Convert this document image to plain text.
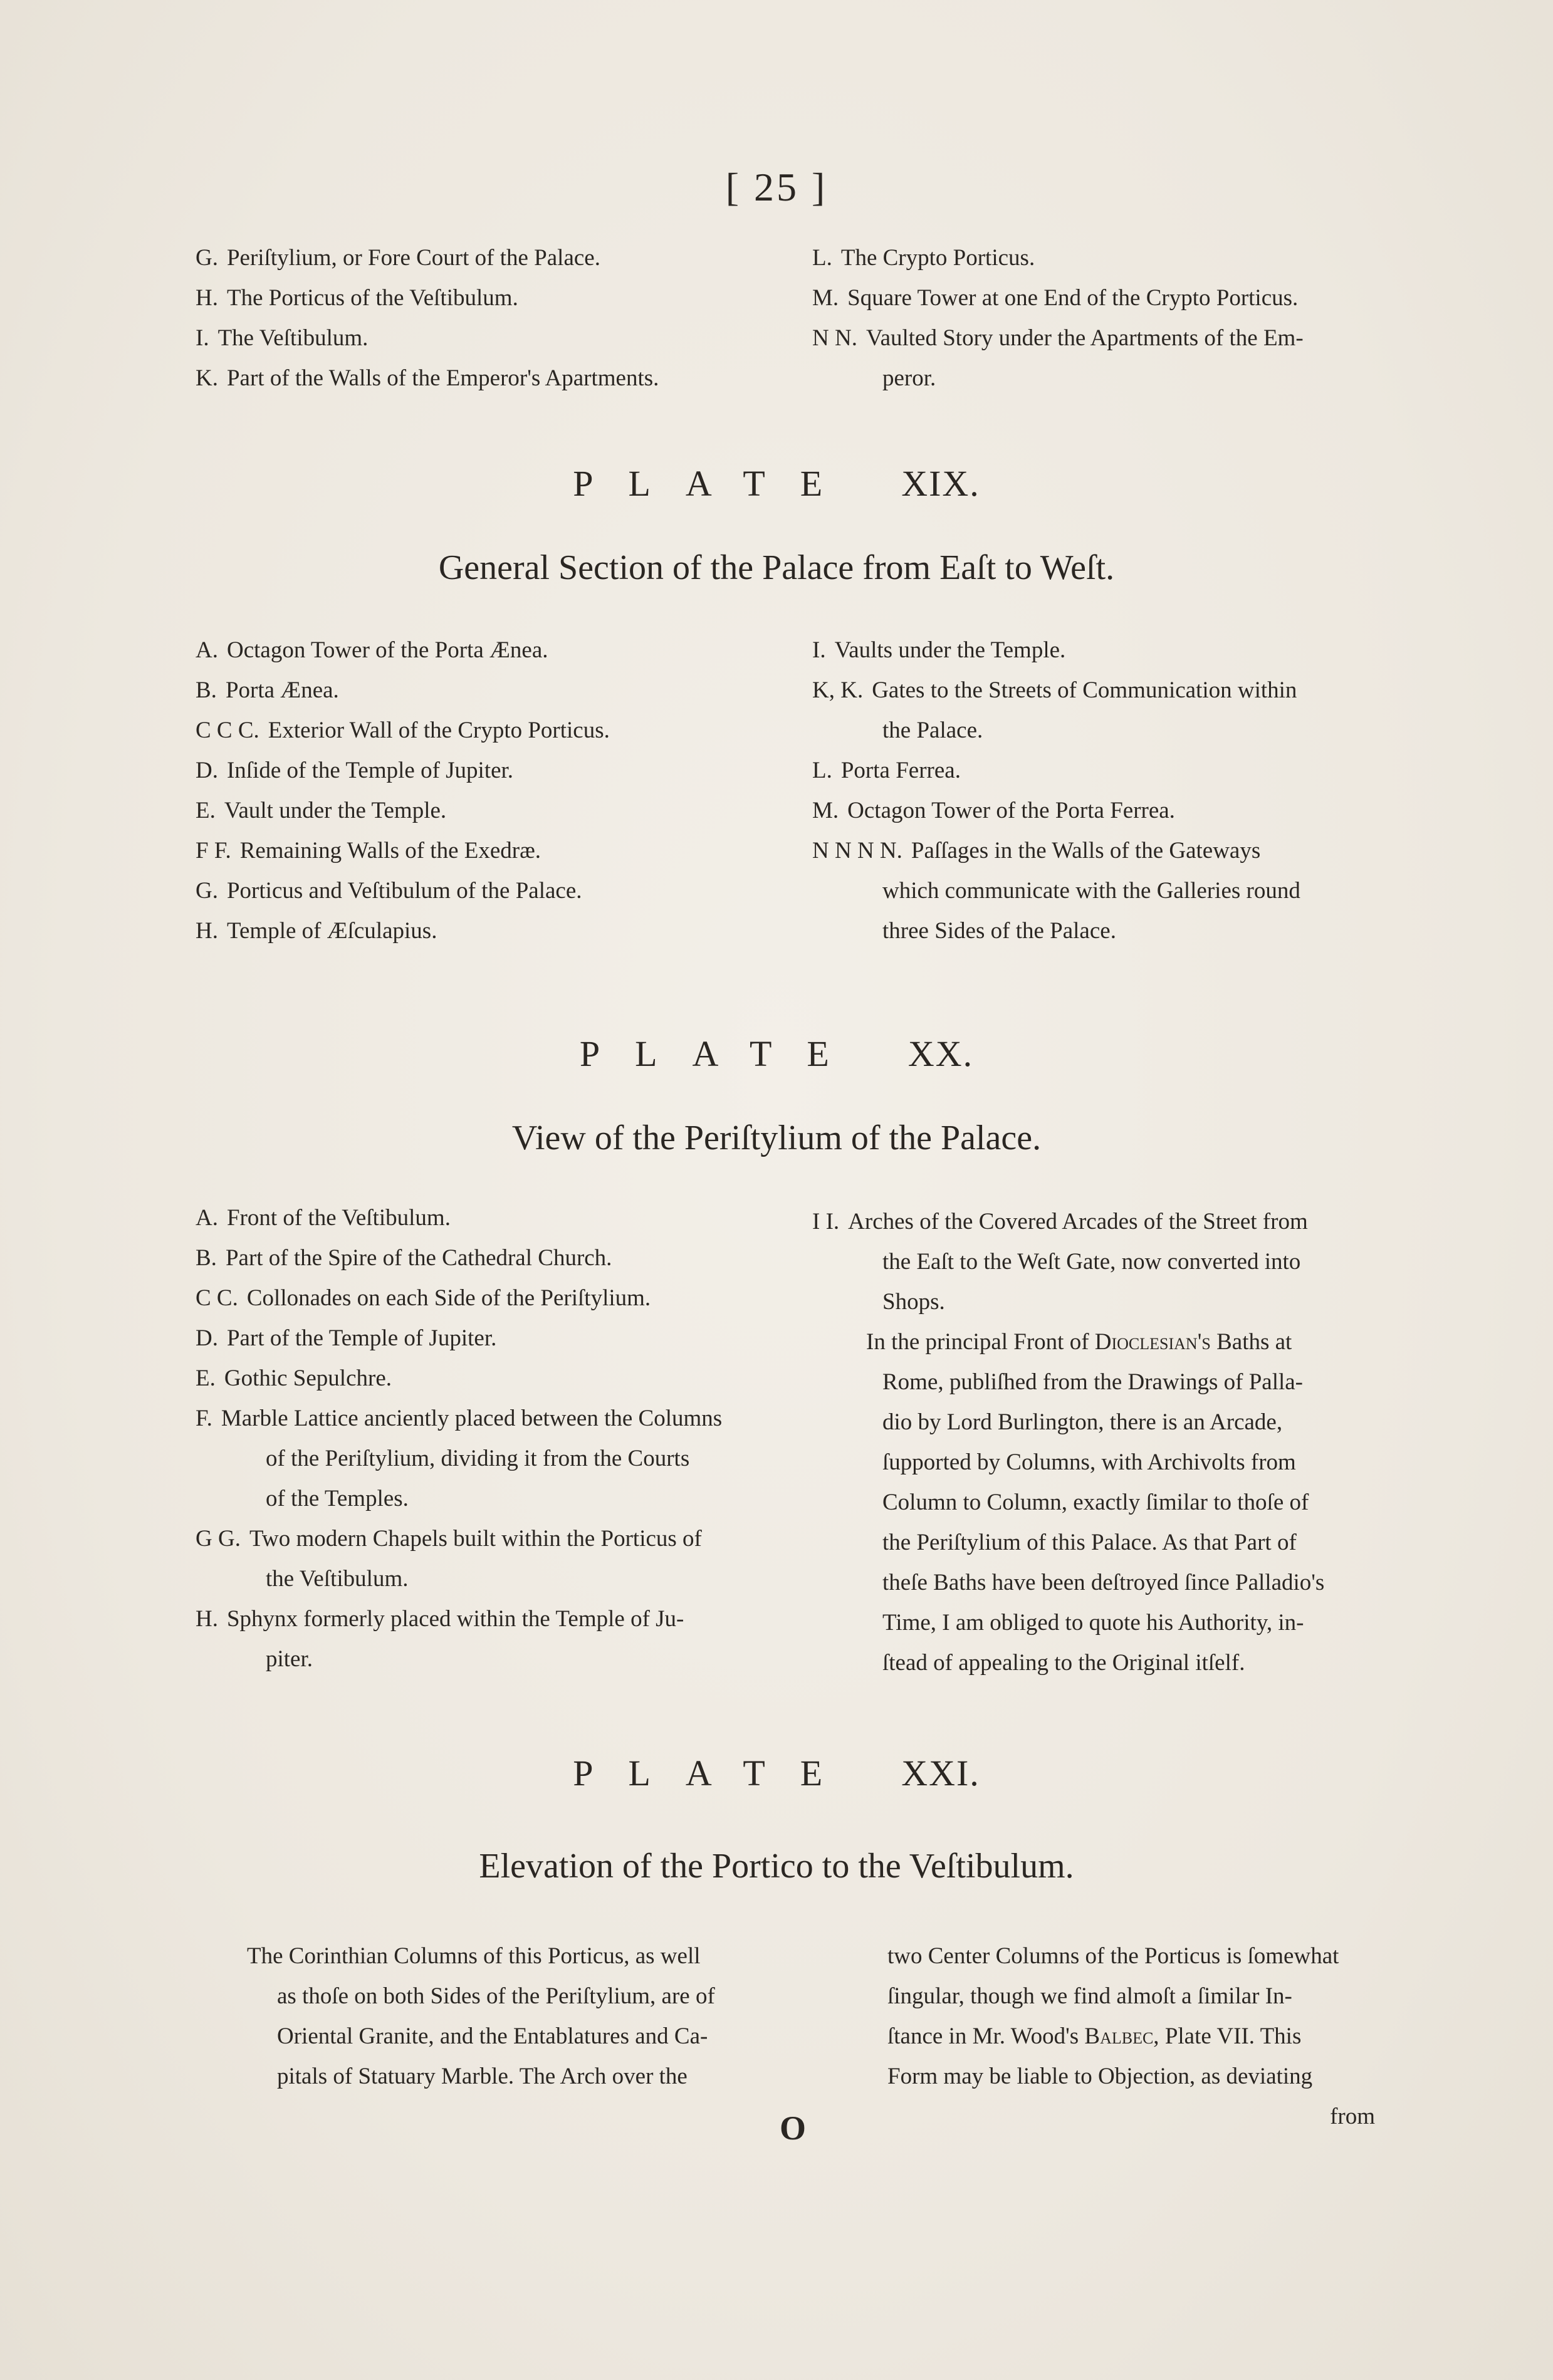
[ 25 ]
G. Periſtylium, or Fore Court of the Palace.
H. The Porticus of the Veſtibulum.
I. The Veſtibulum.
K. Part of the Walls of the Emperor's Apartments.
L. The Crypto Porticus.
M. Square Tower at one End of the Crypto Porticus.
N N. Vaulted Story under the Apartments of the Em-
peror.
PLATE XIX.
General Section of the Palace from Eaſt to Weſt.
A. Octagon Tower of the Porta Ænea.
B. Porta Ænea.
C C C. Exterior Wall of the Crypto Porticus.
D. Inſide of the Temple of Jupiter.
E. Vault under the Temple.
F F. Remaining Walls of the Exedræ.
G. Porticus and Veſtibulum of the Palace.
H. Temple of Æſculapius.
I. Vaults under the Temple.
K, K. Gates to the Streets of Communication within
the Palace.
L. Porta Ferrea.
M. Octagon Tower of the Porta Ferrea.
N N N N. Paſſages in the Walls of the Gateways
which communicate with the Galleries round
three Sides of the Palace.
PLATE XX.
View of the Periſtylium of the Palace.
A. Front of the Veſtibulum.
B. Part of the Spire of the Cathedral Church.
C C. Collonades on each Side of the Periſtylium.
D. Part of the Temple of Jupiter.
E. Gothic Sepulchre.
F. Marble Lattice anciently placed between the Columns
of the Periſtylium, dividing it from the Courts
of the Temples.
G G. Two modern Chapels built within the Porticus of
the Veſtibulum.
H. Sphynx formerly placed within the Temple of Ju-
piter.
I I. Arches of the Covered Arcades of the Street from
the Eaſt to the Weſt Gate, now converted into
Shops.
In the principal Front of Dioclesian's Baths at
Rome, publiſhed from the Drawings of Palla-
dio by Lord Burlington, there is an Arcade,
ſupported by Columns, with Archivolts from
Column to Column, exactly ſimilar to thoſe of
the Periſtylium of this Palace. As that Part of
theſe Baths have been deſtroyed ſince Palladio's
Time, I am obliged to quote his Authority, in-
ſtead of appealing to the Original itſelf.
PLATE XXI.
Elevation of the Portico to the Veſtibulum.
The Corinthian Columns of this Porticus, as well
as thoſe on both Sides of the Periſtylium, are of
Oriental Granite, and the Entablatures and Ca-
pitals of Statuary Marble. The Arch over the
two Center Columns of the Porticus is ſomewhat
ſingular, though we find almoſt a ſimilar In-
ſtance in Mr. Wood's Balbec, Plate VII. This
Form may be liable to Objection, as deviating
from
O
